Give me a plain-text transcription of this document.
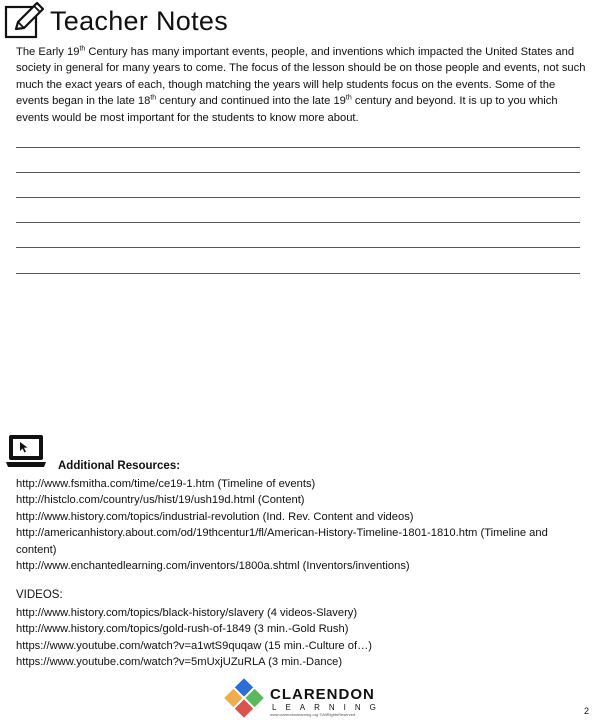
Teacher Notes

The Early 19th Century has many important events, people, and inventions which impacted the United States and society in general for many years to come. The focus of the lesson should be on those people and events, not such much the exact years of each, though matching the years will help students focus on the events. Some of the events began in the late 18th century and continued into the late 19th century and beyond. It is up to you which events would be most important for the students to know more about.

Additional Resources:
http://www.fsmitha.com/time/ce19-1.htm (Timeline of events)
http://histclo.com/country/us/hist/19/ush19d.html (Content)
http://www.history.com/topics/industrial-revolution (Ind. Rev. Content and videos)
http://americanhistory.about.com/od/19thcentur1/fl/American-History-Timeline-1801-1810.htm (Timeline and content)
http://www.enchantedlearning.com/inventors/1800a.shtml (Inventors/inventions)
VIDEOS:
http://www.history.com/topics/black-history/slavery (4 videos-Slavery)
http://www.history.com/topics/gold-rush-of-1849 (3 min.-Gold Rush)
https://www.youtube.com/watch?v=a1wtS9quqaw (15 min.-Culture of…)
https://www.youtube.com/watch?v=5mUxjUZuRLA (3 min.-Dance)
CLARENDON
LEARNING
www.clarendonlearning.org ©AllRightsReserved	2
